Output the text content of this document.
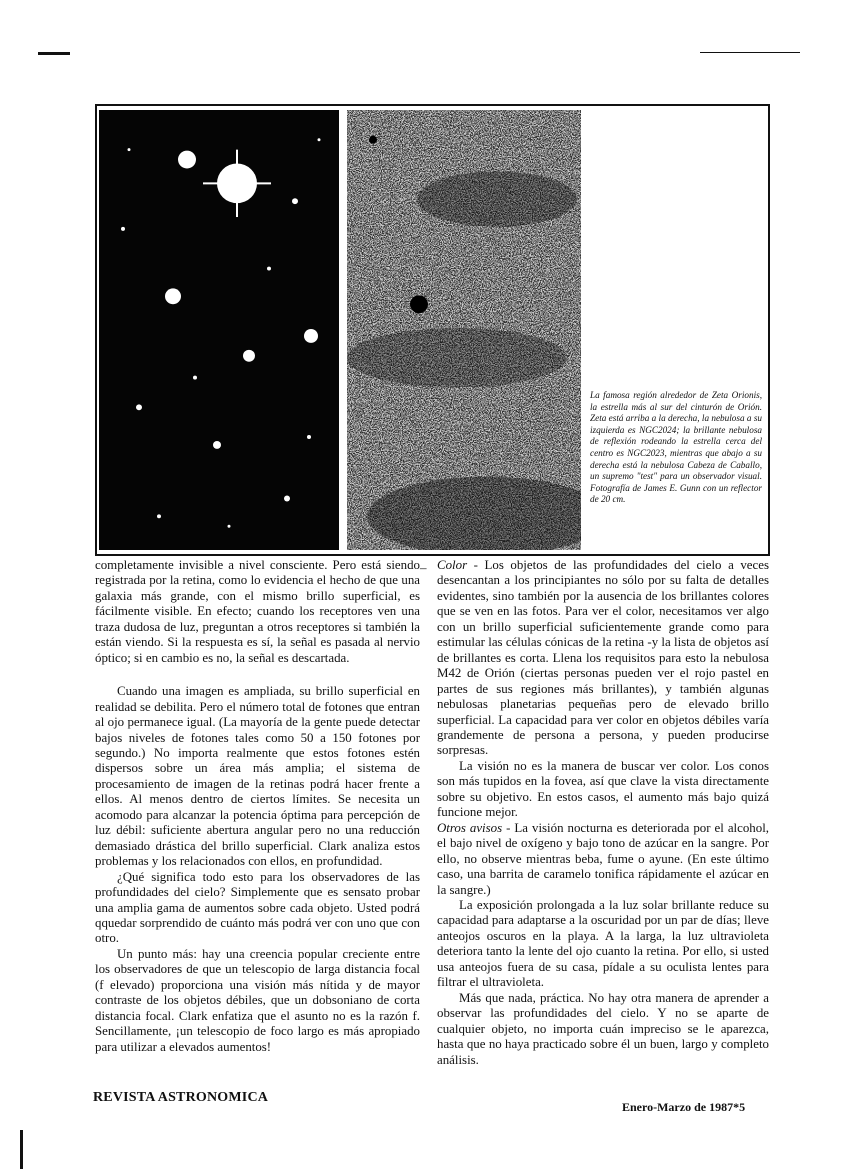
La famosa región alrededor de Zeta Orionis, la estrella más al sur del cinturón de Orión. Zeta está arriba a la derecha, la nebulosa a su izquierda es NGC2024; la brillante nebulosa de reflexión rodeando la estrella cerca del centro es NGC2023, mientras que abajo a su derecha está la nebulosa Cabeza de Caballo, un supremo "test" para un observador visual. Fotografía de James E. Gunn con un reflector de 20 cm.

completamente invisible a nivel consciente. Pero está siendo registrada por la retina, como lo evidencia el hecho de que una galaxia más grande, con el mismo brillo superficial, es fácilmente visible. En efecto; cuando los receptores ven una traza dudosa de luz, preguntan a otros receptores si también la están viendo. Si la respuesta es sí, la señal es pasada al nervio óptico; si en cambio es no, la señal es descartada.

Cuando una imagen es ampliada, su brillo superficial en realidad se debilita. Pero el número total de fotones que entran al ojo permanece igual. (La mayoría de la gente puede detectar bajos niveles de fotones tales como 50 a 150 fotones por segundo.) No importa realmente que estos fotones estén dispersos sobre un área más amplia; el sistema de procesamiento de imagen de la retinas podrá hacer frente a ellos. Al menos dentro de ciertos límites. Se necesita un acomodo para alcanzar la potencia óptima para percepción de luz débil: suficiente abertura angular pero no una reducción demasiado drástica del brillo superficial. Clark analiza estos problemas y los relacionados con ellos, en profundidad.

¿Qué significa todo esto para los observadores de las profundidades del cielo? Simplemente que es sensato probar una amplia gama de aumentos sobre cada objeto. Usted podrá qquedar sorprendido de cuánto más podrá ver con uno que con otro.

Un punto más: hay una creencia popular creciente entre los observadores de que un telescopio de larga distancia focal (f elevado) proporciona una visión más nítida y de mayor contraste de los objetos débiles, que un dobsoniano de corta distancia focal. Clark enfatiza que el asunto no es la razón f. Sencillamente, ¡un telescopio de foco largo es más apropiado para utilizar a elevados aumentos!

– Color - Los objetos de las profundidades del cielo a veces desencantan a los principiantes no sólo por su falta de detalles evidentes, sino también por la ausencia de los brillantes colores que se ven en las fotos. Para ver el color, necesitamos ver algo con un brillo superficial suficientemente grande como para estimular las células cónicas de la retina -y la lista de objetos así de brillantes es corta. Llena los requisitos para esto la nebulosa M42 de Orión (ciertas personas pueden ver el rojo pastel en partes de sus regiones más brillantes), y también algunas nebulosas planetarias pequeñas pero de elevado brillo superficial. La capacidad para ver color en objetos débiles varía grandemente de persona a persona, y pueden producirse sorpresas.

La visión no es la manera de buscar ver color. Los conos son más tupidos en la fovea, así que clave la vista directamente sobre su objetivo. En estos casos, el aumento más bajo quizá funcione mejor.

Otros avisos - La visión nocturna es deteriorada por el alcohol, el bajo nivel de oxígeno y bajo tono de azúcar en la sangre. Por ello, no observe mientras beba, fume o ayune. (En este último caso, una barrita de caramelo tonifica rápidamente el azúcar en la sangre.)

La exposición prolongada a la luz solar brillante reduce su capacidad para adaptarse a la oscuridad por un par de días; lleve anteojos oscuros en la playa. A la larga, la luz ultravioleta deteriora tanto la lente del ojo cuanto la retina. Por ello, si usted usa anteojos fuera de su casa, pídale a su oculista lentes para filtrar el ultravioleta.

Más que nada, práctica. No hay otra manera de aprender a observar las profundidades del cielo. Y no se aparte de cualquier objeto, no importa cuán impreciso se le aparezca, hasta que no haya practicado sobre él un buen, largo y completo análisis.

REVISTA ASTRONOMICA
Enero-Marzo de 1987*5
